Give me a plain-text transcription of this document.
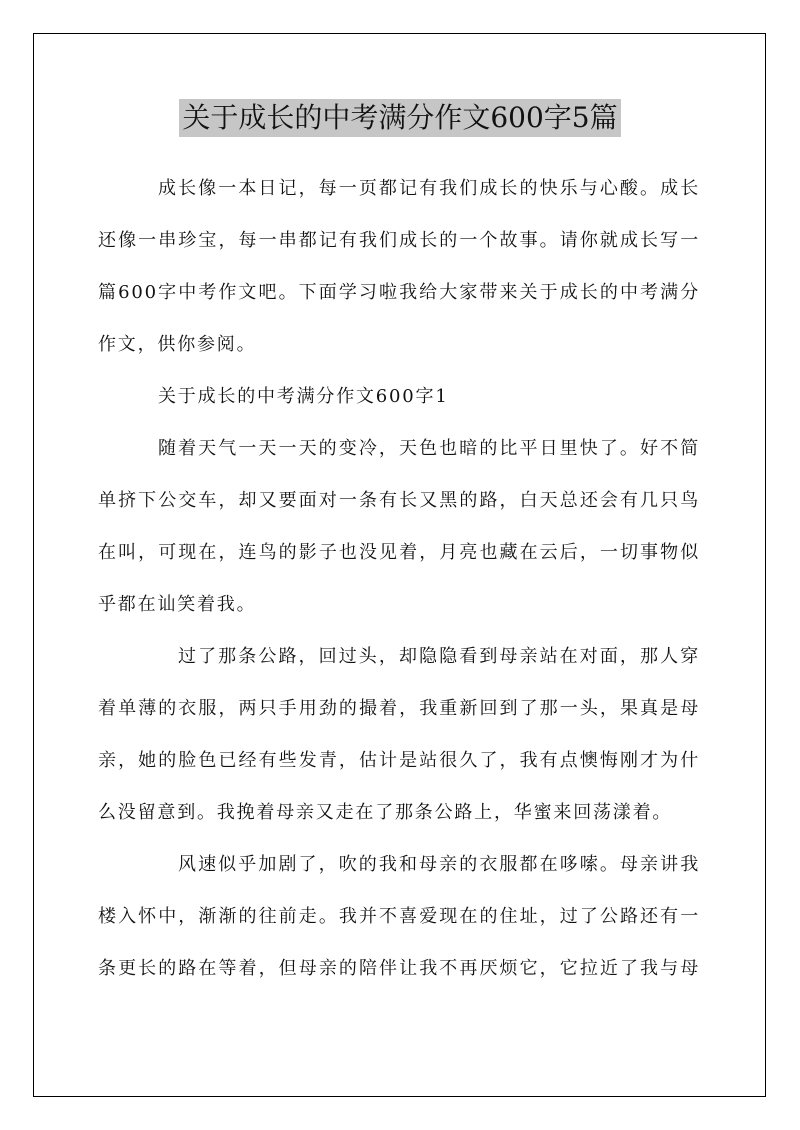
关于成长的中考满分作文600字5篇
成长像一本日记，每一页都记有我们成长的快乐与心酸。成长
还像一串珍宝，每一串都记有我们成长的一个故事。请你就成长写一
篇600字中考作文吧。下面学习啦我给大家带来关于成长的中考满分
作文，供你参阅。
关于成长的中考满分作文600字1
随着天气一天一天的变冷，天色也暗的比平日里快了。好不简
单挤下公交车，却又要面对一条有长又黑的路，白天总还会有几只鸟
在叫，可现在，连鸟的影子也没见着，月亮也藏在云后，一切事物似
乎都在讪笑着我。
过了那条公路，回过头，却隐隐看到母亲站在对面，那人穿
着单薄的衣服，两只手用劲的撮着，我重新回到了那一头，果真是母
亲，她的脸色已经有些发青，估计是站很久了，我有点懊悔刚才为什
么没留意到。我挽着母亲又走在了那条公路上，华蜜来回荡漾着。
风速似乎加剧了，吹的我和母亲的衣服都在哆嗦。母亲讲我
楼入怀中，渐渐的往前走。我并不喜爱现在的住址，过了公路还有一
条更长的路在等着，但母亲的陪伴让我不再厌烦它，它拉近了我与母
